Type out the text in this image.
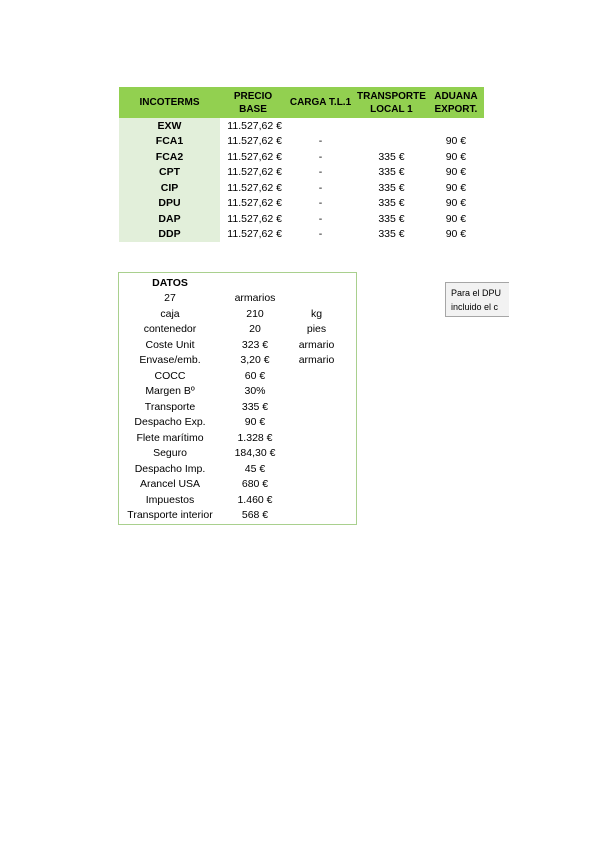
INCOTERMS	PRECIO BASE	CARGA T.L.1	TRANSPORTE LOCAL 1	ADUANA EXPORT.
EXW	11.527,62 €			
FCA1	11.527,62 €	-		90 €
FCA2	11.527,62 €	-	335 €	90 €
CPT	11.527,62 €	-	335 €	90 €
CIP	11.527,62 €	-	335 €	90 €
DPU	11.527,62 €	-	335 €	90 €
DAP	11.527,62 €	-	335 €	90 €
DDP	11.527,62 €	-	335 €	90 €
DATOS		
27	armarios	
caja	210	kg
contenedor	20	pies
Coste Unit	323 €	armario
Envase/emb.	3,20 €	armario
COCC	60 €	
Margen Bº	30%	
Transporte	335 €	
Despacho Exp.	90 €	
Flete marítimo	1.328 €	
Seguro	184,30 €	
Despacho Imp.	45 €	
Arancel USA	680 €	
Impuestos	1.460 €	
Transporte interior	568 €	
Para el DPU
incluido el c
